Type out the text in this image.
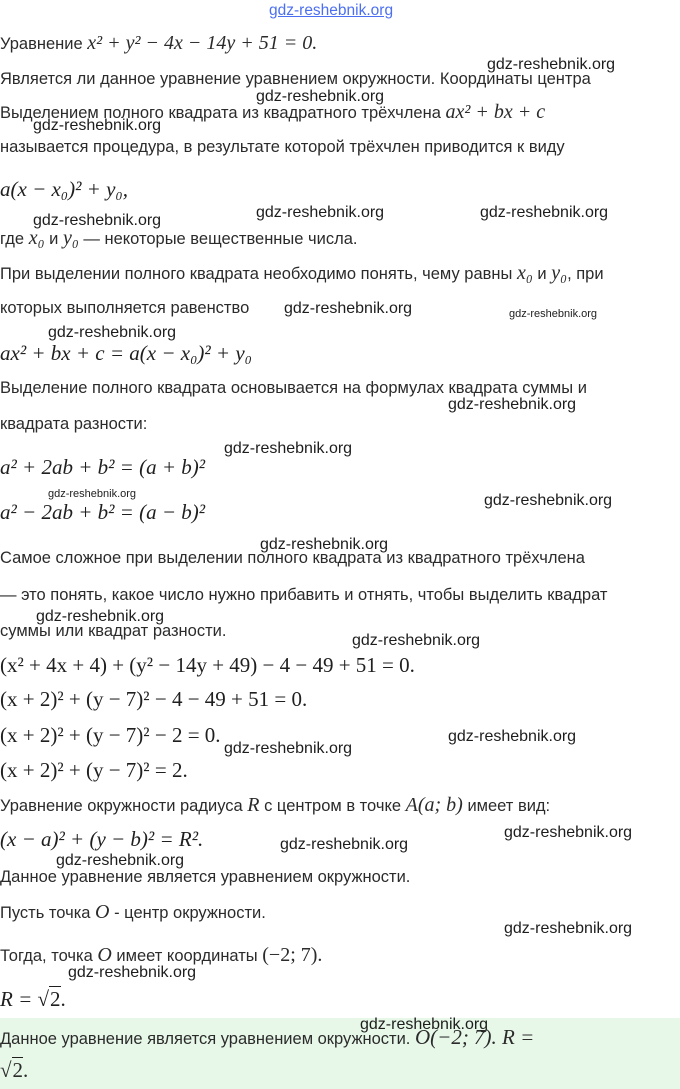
gdz-reshebnik.org
Уравнение x² + y² − 4x − 14y + 51 = 0.
Является ли данное уравнение уравнением окружности. Координаты центра
Выделением полного квадрата из квадратного трёхчлена ax² + bx + c
называется процедура, в результате которой трёхчлен приводится к виду
a(x − x₀)² + y₀,
где x₀ и y₀ — некоторые вещественные числа.
При выделении полного квадрата необходимо понять, чему равны x₀ и y₀, при
которых выполняется равенство
ax² + bx + c = a(x − x₀)² + y₀
Выделение полного квадрата основывается на формулах квадрата суммы и
квадрата разности:
a² + 2ab + b² = (a + b)²
a² − 2ab + b² = (a − b)²
Самое сложное при выделении полного квадрата из квадратного трёхчлена
— это понять, какое число нужно прибавить и отнять, чтобы выделить квадрат
суммы или квадрат разности.
(x² + 4x + 4) + (y² − 14y + 49) − 4 − 49 + 51 = 0.
(x + 2)² + (y − 7)² − 4 − 49 + 51 = 0.
(x + 2)² + (y − 7)² − 2 = 0.
(x + 2)² + (y − 7)² = 2.
Уравнение окружности радиуса R с центром в точке A(a; b) имеет вид:
(x − a)² + (y − b)² = R².
Данное уравнение является уравнением окружности.
Пусть точка O - центр окружности.
Тогда, точка O имеет координаты (−2; 7).
R = √2.
Данное уравнение является уравнением окружности. O(−2; 7). R =
√2.
gdz-reshebnik.org
gdz-reshebnik.org
gdz-reshebnik.org
gdz-reshebnik.org	gdz-reshebnik.org	gdz-reshebnik.org
gdz-reshebnik.org	gdz-reshebnik.org
gdz-reshebnik.org
gdz-reshebnik.org
gdz-reshebnik.org
gdz-reshebnik.org	gdz-reshebnik.org
gdz-reshebnik.org
gdz-reshebnik.org
gdz-reshebnik.org
gdz-reshebnik.org
gdz-reshebnik.org
gdz-reshebnik.org
gdz-reshebnik.org
gdz-reshebnik.org
gdz-reshebnik.org
gdz-reshebnik.org
gdz-reshebnik.org
